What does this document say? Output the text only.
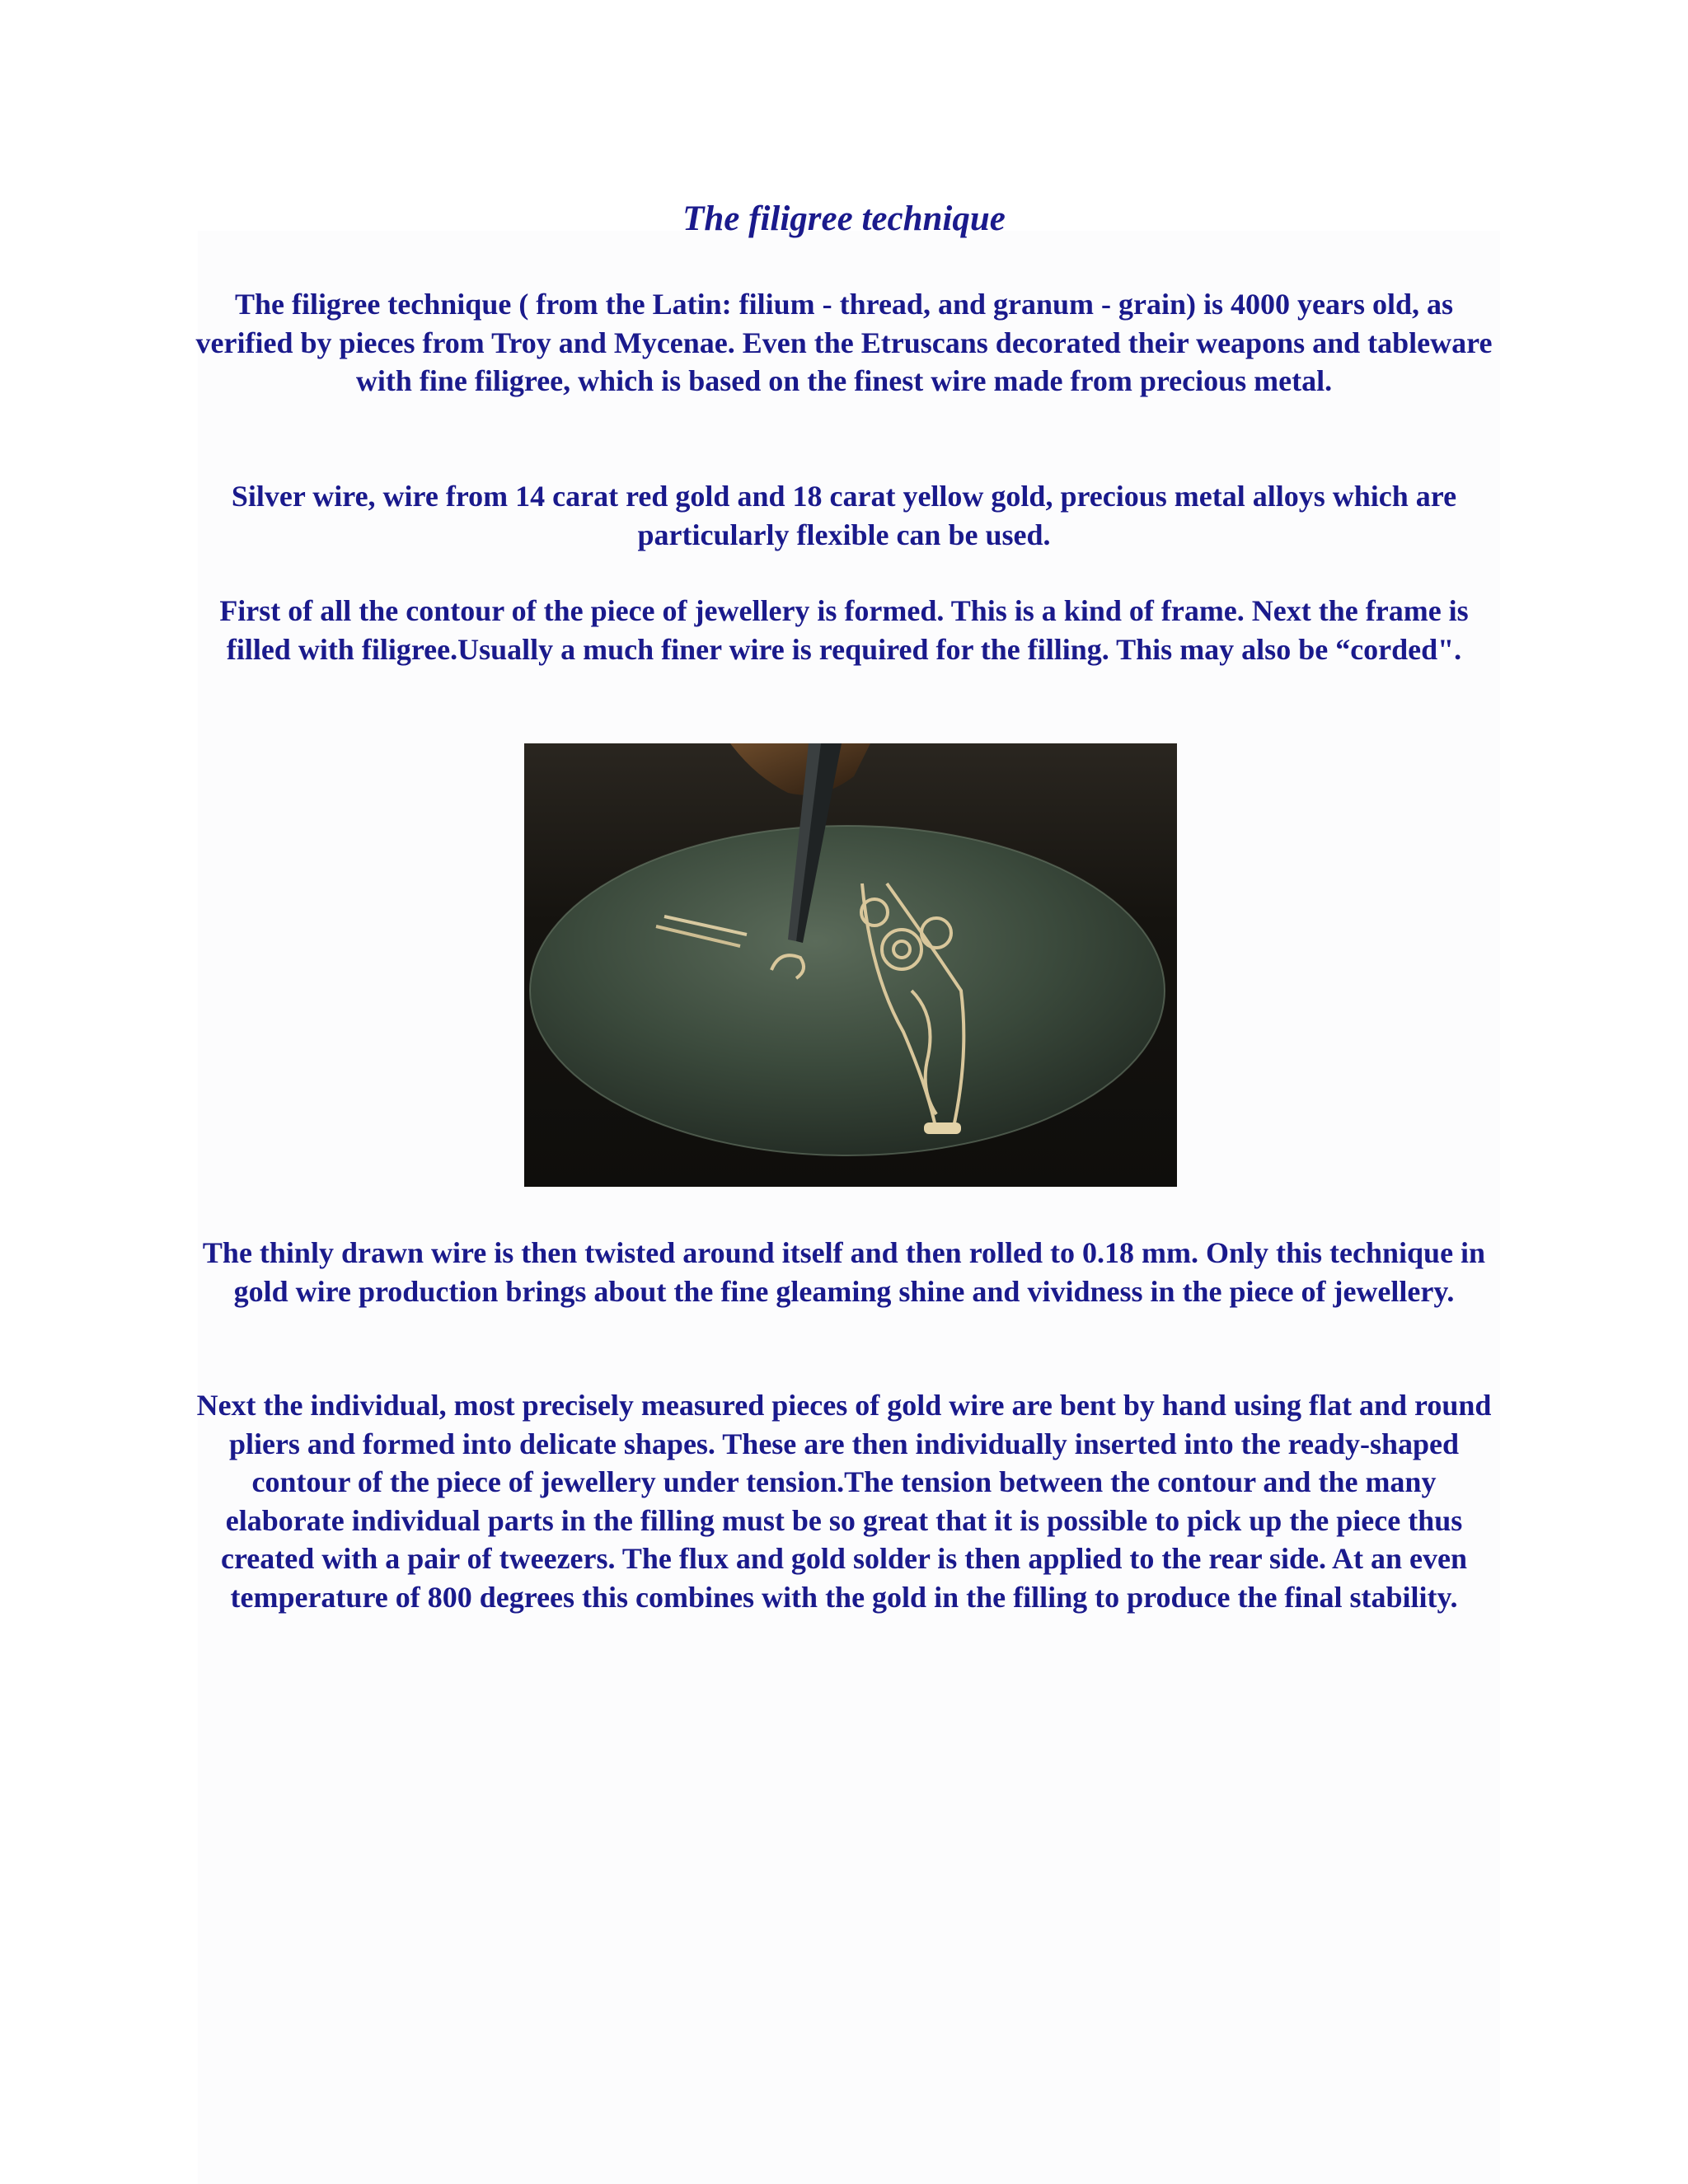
The filigree technique

The filigree technique ( from the Latin: filium - thread, and granum - grain) is 4000 years old, as verified by pieces from Troy and Mycenae. Even the Etruscans decorated their weapons and tableware with fine filigree, which is based on the finest wire made from precious metal.

Silver wire, wire from 14 carat red gold and 18 carat yellow gold, precious metal alloys which are particularly flexible can be used.

First of all the contour of the piece of jewellery is formed. This is a kind of frame. Next the frame is filled with filigree.Usually a much finer wire is required for the filling. This may also be “corded".

The thinly drawn wire is then twisted around itself and then rolled to 0.18 mm. Only this technique in gold wire production brings about the fine gleaming shine and vividness in the piece of jewellery.

Next the individual, most precisely measured pieces of gold wire are bent by hand using flat and round pliers and formed into delicate shapes. These are then individually inserted into the ready-shaped contour of the piece of jewellery under tension.The tension between the contour and the many elaborate individual parts in the filling must be so great that it is possible to pick up the piece thus created with a pair of tweezers. The flux and gold solder is then applied to the rear side. At an even temperature of 800 degrees this combines with the gold in the filling to produce the final stability.
